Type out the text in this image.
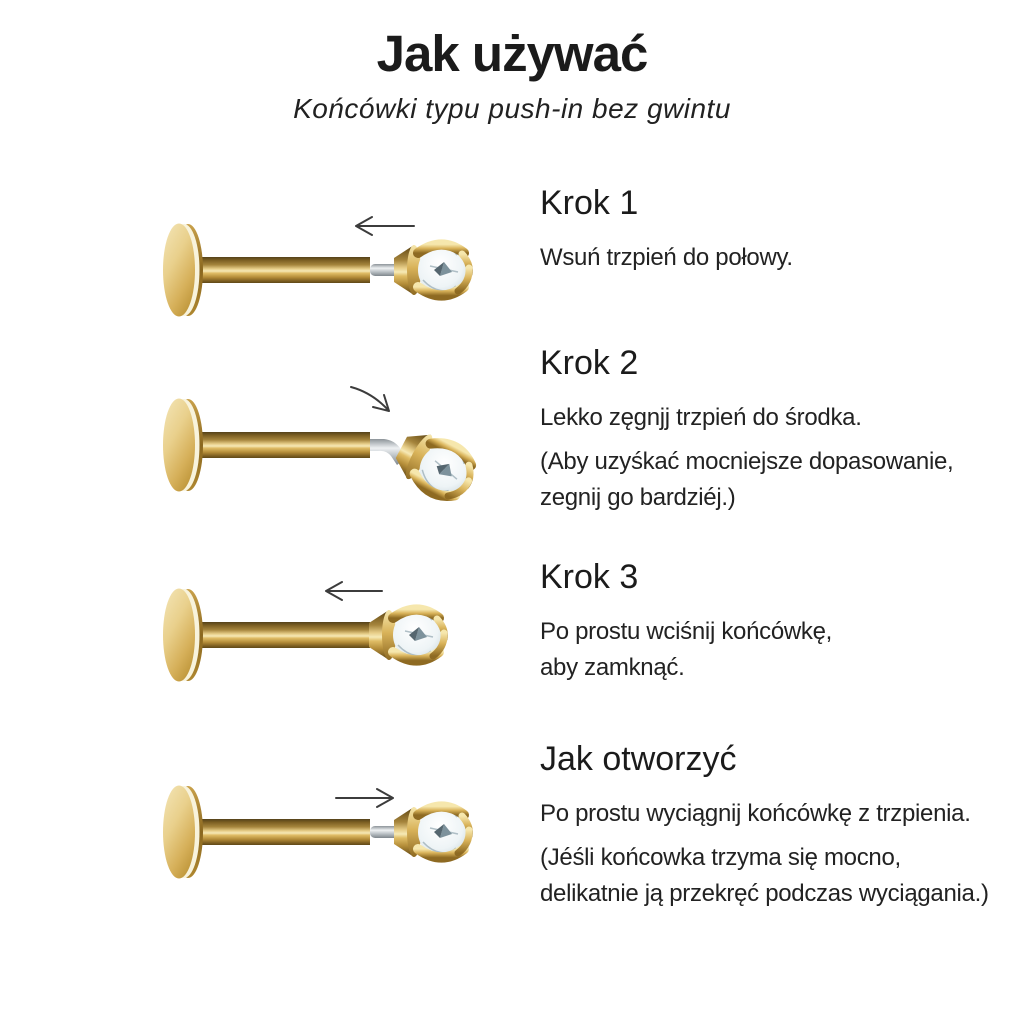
Jak używać
Końcówki typu push-in bez gwintu
Krok 1
Wsuń trzpień do połowy.
Krok 2
Lekko zęgnjj trzpień do środka.
(Aby uzyśkać mocniejsze dopasowanie,
zegnij go bardziéj.)
Krok 3
Po prostu wciśnij końcówkę,
aby zamknąć.
Jak otworzyć
Po prostu wyciągnij końcówkę z trzpienia.
(Jéśli końcowka trzyma się mocno,
delikatnie ją przekręć podczas wyciągania.)
